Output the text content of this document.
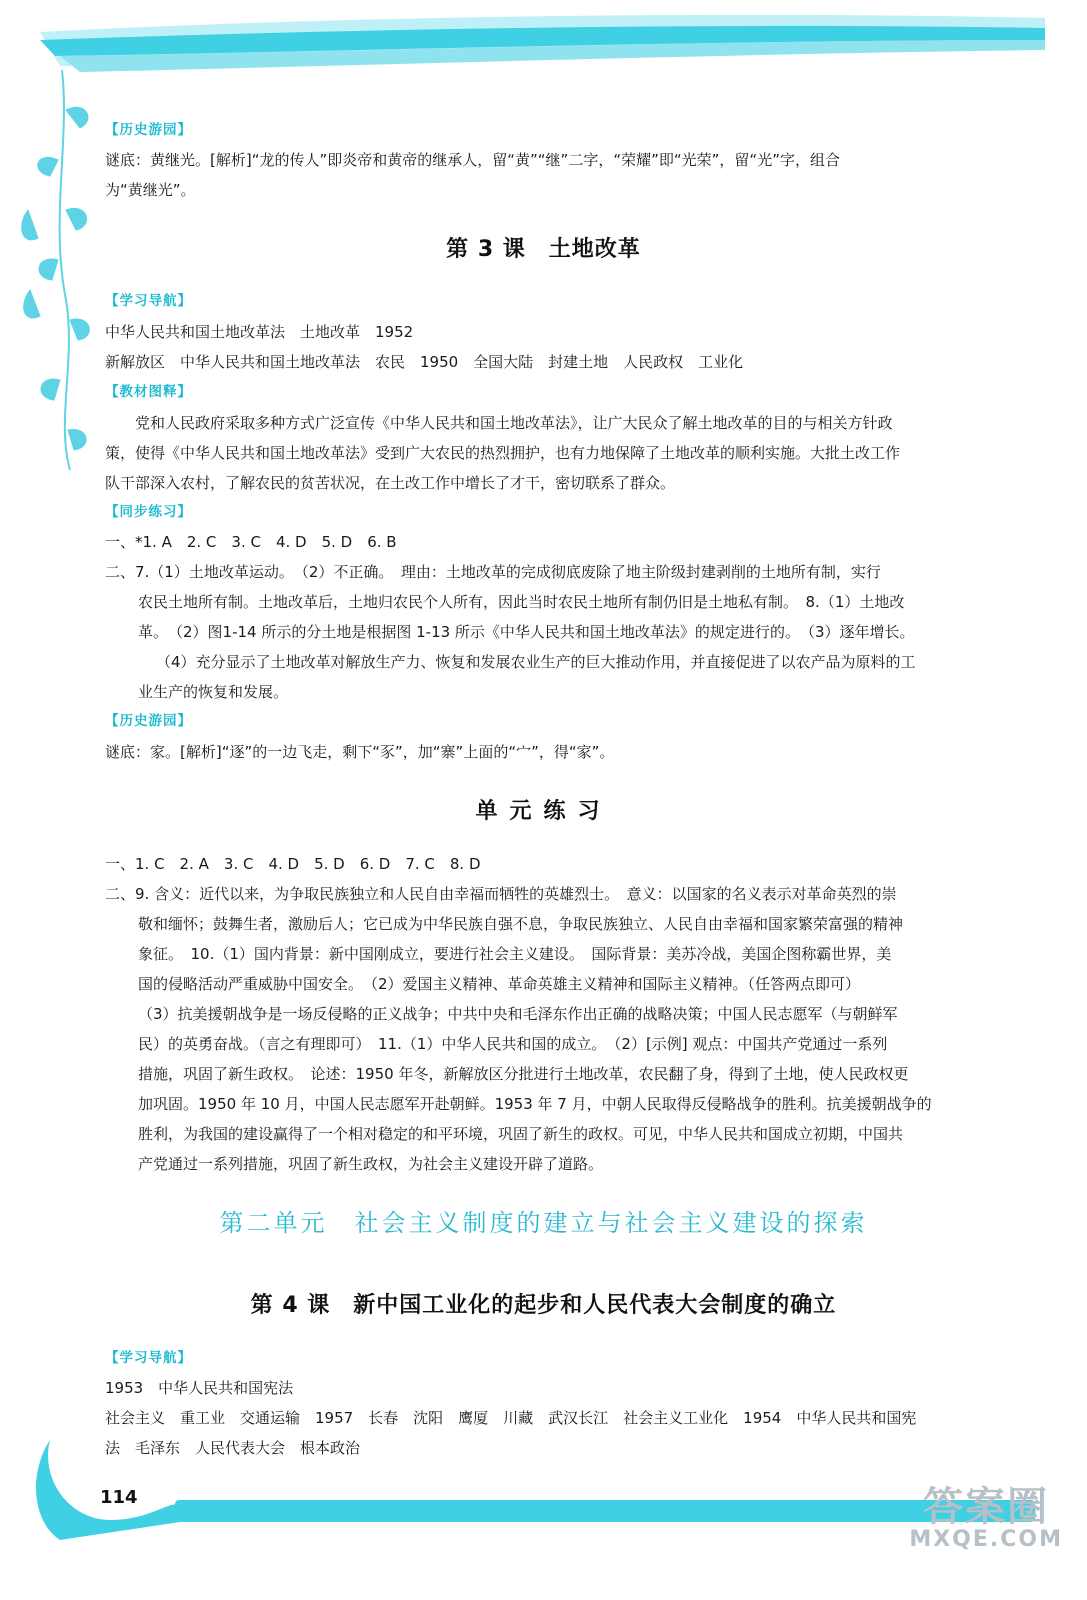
【历史游园】
谜底：黄继光。[解析]“龙的传人”即炎帝和黄帝的继承人，留“黄”“继”二字，“荣耀”即“光荣”，留“光”字，组合
为“黄继光”。
第 3 课　土地改革
【学习导航】
中华人民共和国土地改革法　土地改革　1952
新解放区　中华人民共和国土地改革法　农民　1950　全国大陆　封建土地　人民政权　工业化
【教材图释】
　　党和人民政府采取多种方式广泛宣传《中华人民共和国土地改革法》，让广大民众了解土地改革的目的与相关方针政
策，使得《中华人民共和国土地改革法》受到广大农民的热烈拥护，也有力地保障了土地改革的顺利实施。大批土改工作
队干部深入农村，了解农民的贫苦状况，在土改工作中增长了才干，密切联系了群众。
【同步练习】
一、*1. A　2. C　3. C　4. D　5. D　6. B
二、7.（1）土地改革运动。　（2）不正确。　理由：土地改革的完成彻底废除了地主阶级封建剥削的土地所有制，实行
农民土地所有制。土地改革后，土地归农民个人所有，因此当时农民土地所有制仍旧是土地私有制。　8.（1）土地改
革。　（2）图1-14 所示的分土地是根据图 1-13 所示《中华人民共和国土地改革法》的规定进行的。　（3）逐年增长。
（4）充分显示了土地改革对解放生产力、恢复和发展农业生产的巨大推动作用，并直接促进了以农产品为原料的工
业生产的恢复和发展。
【历史游园】
谜底：家。[解析]“逐”的一边飞走，剩下“豕”，加“寨”上面的“宀”，得“家”。
单元练习
一、1. C　2. A　3. C　4. D　5. D　6. D　7. C　8. D
二、9. 含义：近代以来，为争取民族独立和人民自由幸福而牺牲的英雄烈士。　意义：以国家的名义表示对革命英烈的崇
敬和缅怀；鼓舞生者，激励后人；它已成为中华民族自强不息，争取民族独立、人民自由幸福和国家繁荣富强的精神
象征。　10.（1）国内背景：新中国刚成立，要进行社会主义建设。　国际背景：美苏冷战，美国企图称霸世界，美
国的侵略活动严重威胁中国安全。　（2）爱国主义精神、革命英雄主义精神和国际主义精神。（任答两点即可）
（3）抗美援朝战争是一场反侵略的正义战争；中共中央和毛泽东作出正确的战略决策；中国人民志愿军（与朝鲜军
民）的英勇奋战。（言之有理即可）　11.（1）中华人民共和国的成立。　（2）[示例] 观点：中国共产党通过一系列
措施，巩固了新生政权。　论述：1950 年冬，新解放区分批进行土地改革，农民翻了身，得到了土地，使人民政权更
加巩固。1950 年 10 月，中国人民志愿军开赴朝鲜。1953 年 7 月，中朝人民取得反侵略战争的胜利。抗美援朝战争的
胜利，为我国的建设赢得了一个相对稳定的和平环境，巩固了新生的政权。可见，中华人民共和国成立初期，中国共
产党通过一系列措施，巩固了新生政权，为社会主义建设开辟了道路。
第二单元　社会主义制度的建立与社会主义建设的探索
第 4 课　新中国工业化的起步和人民代表大会制度的确立
【学习导航】
1953　中华人民共和国宪法
社会主义　重工业　交通运输　1957　长春　沈阳　鹰厦　川藏　武汉长江　社会主义工业化　1954　中华人民共和国宪
法　毛泽东　人民代表大会　根本政治
114	答案圈
MXQE.COM
